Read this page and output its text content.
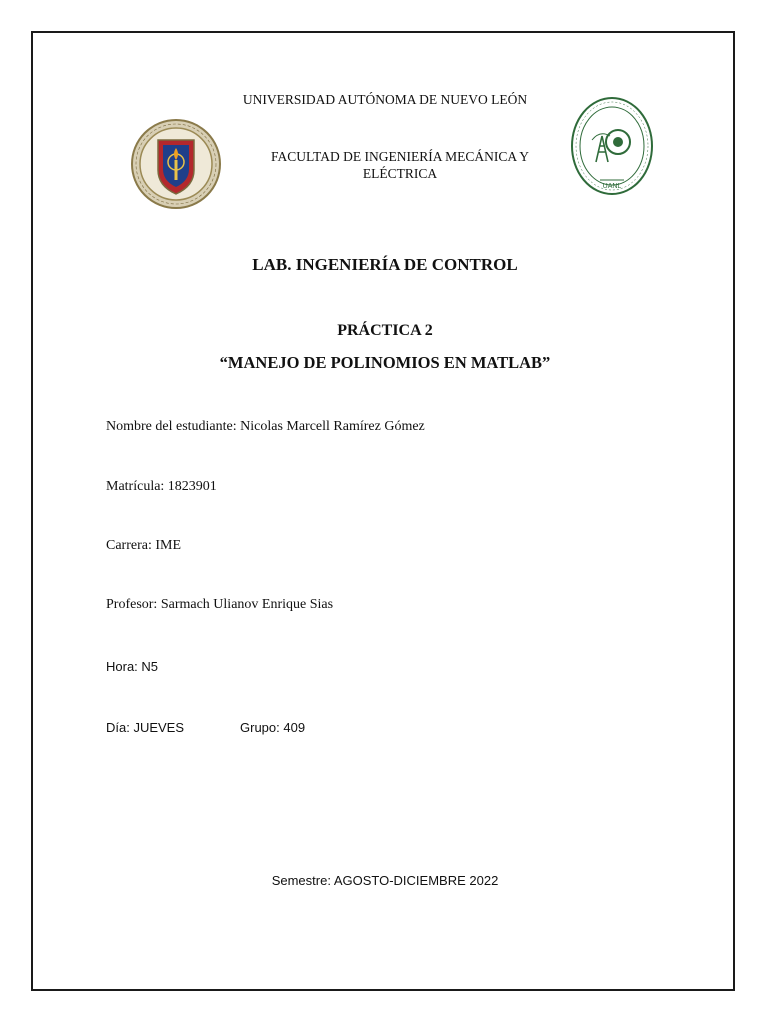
UANL
UNIVERSIDAD AUTÓNOMA DE NUEVO LEÓN
FACULTAD DE INGENIERÍA MECÁNICA Y ELÉCTRICA
LAB. INGENIERÍA DE CONTROL
PRÁCTICA 2
“MANEJO DE POLINOMIOS EN MATLAB”
Nombre del estudiante: Nicolas Marcell Ramírez Gómez
Matrícula: 1823901
Carrera: IME
Profesor: Sarmach Ulianov Enrique Sias
Hora: N5
Día: JUEVES	Grupo: 409
Semestre: AGOSTO-DICIEMBRE 2022
